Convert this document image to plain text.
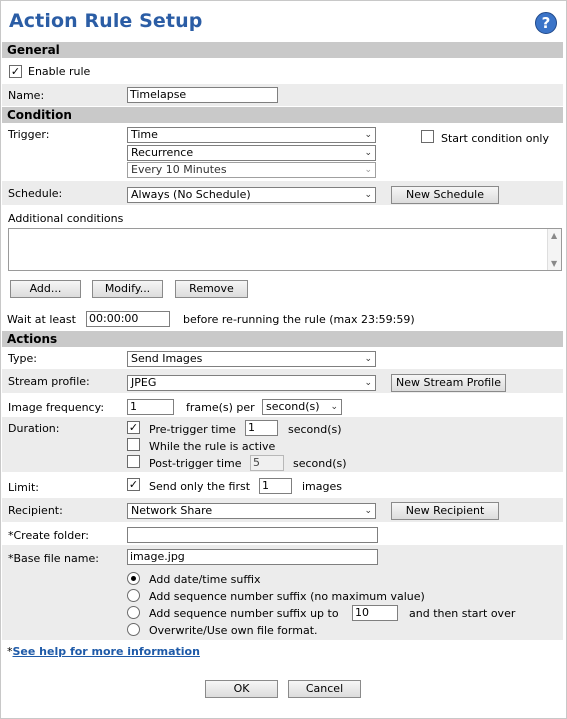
Action Rule Setup	?
General
✓ Enable rule
Name:	Timelapse
Condition
Trigger:	Time	⌄
Recurrence	⌄
Every 10 Minutes	⌄
Start condition only
Schedule:	Always (No Schedule)	⌄	New Schedule
Additional conditions
▲
▼
Add...	Modify...	Remove
Wait at least 00:00:00	before re-running the rule (max 23:59:59)
Actions
Type:	Send Images	⌄
Stream profile:	JPEG	⌄	New Stream Profile
Image frequency: 1	frame(s) per	second(s) ⌄
Duration:	✓ Pre-trigger time 1	second(s)
While the rule is active
Post-trigger time 5	second(s)
Limit:	✓ Send only the first 1	images
Recipient:	Network Share	⌄	New Recipient
*Create folder:
*Base file name:	image.jpg
Add date/time suffix
Add sequence number suffix (no maximum value)
Add sequence number suffix up to 10	and then start over
Overwrite/Use own file format.
*See help for more information
OK	Cancel
